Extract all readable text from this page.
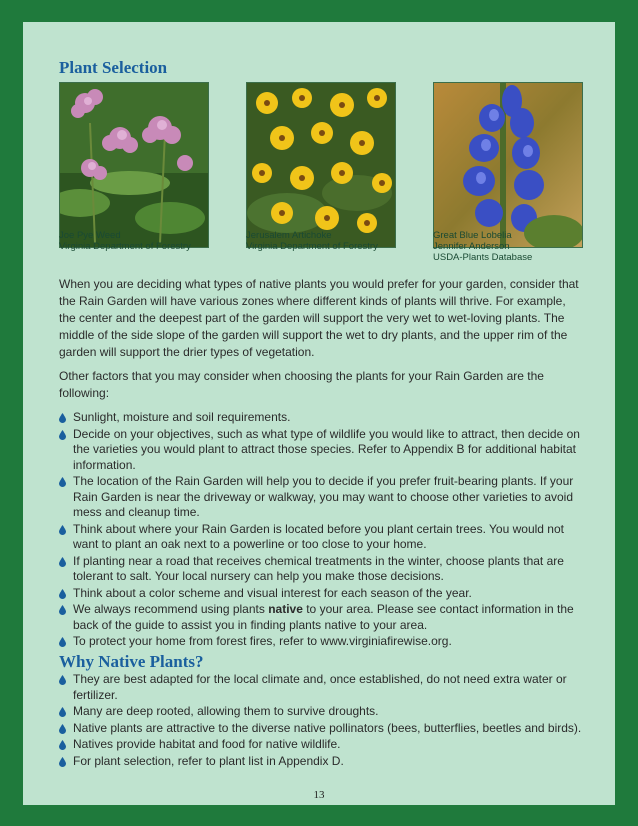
Plant Selection
Joe Pye Weed
Virginia Department of Forestry
Jerusalem Artichoke
Virginia Department of Forestry
Great Blue Lobelia
Jennifer Anderson
USDA-Plants Database

When you are deciding what types of native plants you would prefer for your garden, consider that the Rain Garden will have various zones where different kinds of plants will thrive. For example, the center and the deepest part of the garden will support the very wet to wet-loving plants. The middle of the side slope of the garden will support the wet to dry plants, and the upper rim of the garden will support the drier types of vegetation.

Other factors that you may consider when choosing the plants for your Rain Garden are the following:

Sunlight, moisture and soil requirements.
Decide on your objectives, such as what type of wildlife you would like to attract, then decide on the varieties you would plant to attract those species. Refer to Appendix B for additional habitat information.
The location of the Rain Garden will help you to decide if you prefer fruit-bearing plants. If your Rain Garden is near the driveway or walkway, you may want to choose other varieties to avoid mess and cleanup time.
Think about where your Rain Garden is located before you plant certain trees. You would not want to plant an oak next to a powerline or too close to your home.
If planting near a road that receives chemical treatments in the winter, choose plants that are tolerant to salt. Your local nursery can help you make those decisions.
Think about a color scheme and visual interest for each season of the year.
We always recommend using plants native to your area. Please see contact information in the back of the guide to assist you in finding plants native to your area.
To protect your home from forest fires, refer to www.virginiafirewise.org.
Why Native Plants?
They are best adapted for the local climate and, once established, do not need extra water or fertilizer.
Many are deep rooted, allowing them to survive droughts.
Native plants are attractive to the diverse native pollinators (bees, butterflies, beetles and birds).
Natives provide habitat and food for native wildlife.
For plant selection, refer to plant list in Appendix D.
13
